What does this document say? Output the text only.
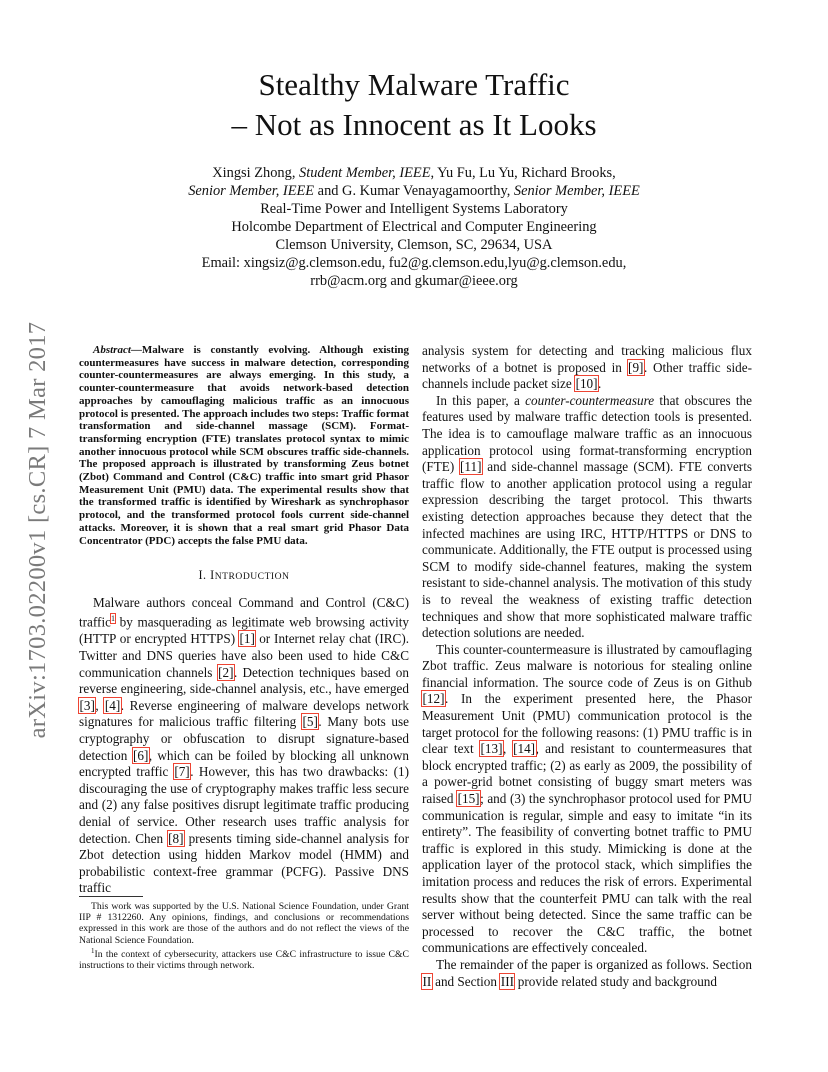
arXiv:1703.02200v1 [cs.CR] 7 Mar 2017
Stealthy Malware Traffic
– Not as Innocent as It Looks
Xingsi Zhong, Student Member, IEEE, Yu Fu, Lu Yu, Richard Brooks,
Senior Member, IEEE and G. Kumar Venayagamoorthy, Senior Member, IEEE
Real-Time Power and Intelligent Systems Laboratory
Holcombe Department of Electrical and Computer Engineering
Clemson University, Clemson, SC, 29634, USA
Email: xingsiz@g.clemson.edu, fu2@g.clemson.edu,lyu@g.clemson.edu,
rrb@acm.org and gkumar@ieee.org

Abstract—Malware is constantly evolving. Although existing countermeasures have success in malware detection, corresponding counter-countermeasures are always emerging. In this study, a counter-countermeasure that avoids network-based detection approaches by camouflaging malicious traffic as an innocuous protocol is presented. The approach includes two steps: Traffic format transformation and side-channel massage (SCM). Format-transforming encryption (FTE) translates protocol syntax to mimic another innocuous protocol while SCM obscures traffic side-channels. The proposed approach is illustrated by transforming Zeus botnet (Zbot) Command and Control (C&C) traffic into smart grid Phasor Measurement Unit (PMU) data. The experimental results show that the transformed traffic is identified by Wireshark as synchrophasor protocol, and the transformed protocol fools current side-channel attacks. Moreover, it is shown that a real smart grid Phasor Data Concentrator (PDC) accepts the false PMU data.

I. INTRODUCTION

Malware authors conceal Command and Control (C&C) traffic$^1$ by masquerading as legitimate web browsing activity (HTTP or encrypted HTTPS) [1] or Internet relay chat (IRC). Twitter and DNS queries have also been used to hide C&C communication channels [2]. Detection techniques based on reverse engineering, side-channel analysis, etc., have emerged [3], [4]. Reverse engineering of malware develops network signatures for malicious traffic filtering [5]. Many bots use cryptography or obfuscation to disrupt signature-based detection [6], which can be foiled by blocking all unknown encrypted traffic [7]. However, this has two drawbacks: (1) discouraging the use of cryptography makes traffic less secure and (2) any false positives disrupt legitimate traffic producing denial of service. Other research uses traffic analysis for detection. Chen [8] presents timing side-channel analysis for Zbot detection using hidden Markov model (HMM) and probabilistic context-free grammar (PCFG). Passive DNS traffic

This work was supported by the U.S. National Science Foundation, under Grant IIP # 1312260. Any opinions, findings, and conclusions or recommendations expressed in this work are those of the authors and do not reflect the views of the National Science Foundation.

$^1$In the context of cybersecurity, attackers use C&C infrastructure to issue C&C instructions to their victims through network.

analysis system for detecting and tracking malicious flux networks of a botnet is proposed in [9]. Other traffic side-channels include packet size [10].

In this paper, a counter-countermeasure that obscures the features used by malware traffic detection tools is presented. The idea is to camouflage malware traffic as an innocuous application protocol using format-transforming encryption (FTE) [11] and side-channel massage (SCM). FTE converts traffic flow to another application protocol using a regular expression describing the target protocol. This thwarts existing detection approaches because they detect that the infected machines are using IRC, HTTP/HTTPS or DNS to communicate. Additionally, the FTE output is processed using SCM to modify side-channel features, making the system resistant to side-channel analysis. The motivation of this study is to reveal the weakness of existing traffic detection techniques and show that more sophisticated malware traffic detection solutions are needed.

This counter-countermeasure is illustrated by camouflaging Zbot traffic. Zeus malware is notorious for stealing online financial information. The source code of Zeus is on Github [12]. In the experiment presented here, the Phasor Measurement Unit (PMU) communication protocol is the target protocol for the following reasons: (1) PMU traffic is in clear text [13], [14], and resistant to countermeasures that block encrypted traffic; (2) as early as 2009, the possibility of a power-grid botnet consisting of buggy smart meters was raised [15]; and (3) the synchrophasor protocol used for PMU communication is regular, simple and easy to imitate “in its entirety”. The feasibility of converting botnet traffic to PMU traffic is explored in this study. Mimicking is done at the application layer of the protocol stack, which simplifies the imitation process and reduces the risk of errors. Experimental results show that the counterfeit PMU can talk with the real server without being detected. Since the same traffic can be processed to recover the C&C traffic, the botnet communications are effectively concealed.

The remainder of the paper is organized as follows. Section II and Section III provide related study and background
